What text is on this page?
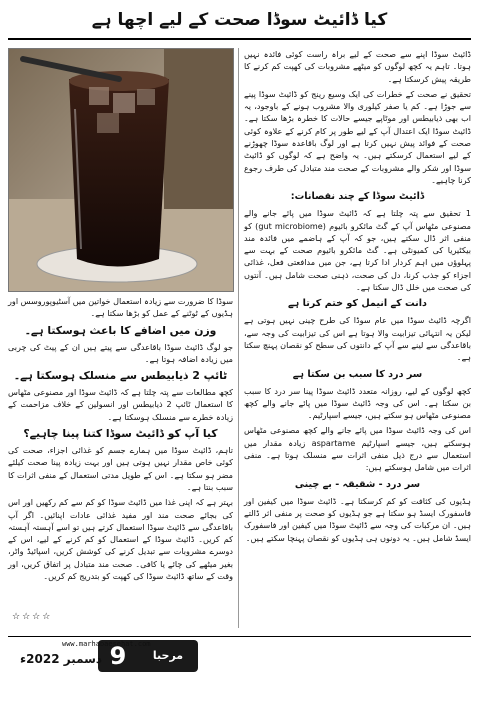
کیا ڈائیٹ سوڈا صحت کے لیے اچھا ہے

ڈائیٹ سوڈا اپنے سے صحت کے لیے براہ راست کوئی فائدہ نہیں ہوتا۔ تاہم یہ کچھ لوگوں کو میٹھے مشروبات کی کھپت کم کرنے کا طریقہ پیش کرسکتا ہے۔

تحقیق نے صحت کے خطرات کی ایک وسیع رینج کو ڈائیٹ سوڈا پینے سے جوڑا ہے۔ کم یا صفر کیلوری والا مشروب ہونے کے باوجود، یہ اب بھی ذیابیطس اور موٹاپے جیسے حالات کا خطرہ بڑھا سکتا ہے۔ ڈائیٹ سوڈا ایک اعتدال آپ کے لیے طور پر کام کرنے کے علاوہ کوئی صحت کے فوائد پیش نہیں کرتا ہے اور لوگ باقاعدہ سوڈا چھوڑنے کے لیے استعمال کرسکتے ہیں۔ یہ واضح ہے کہ لوگوں کو ڈائیٹ سوڈا اور شکر والے مشروبات کے صحت مند متبادل کی طرف رجوع کرنا چاہیے۔

ڈائیٹ سوڈا کے چند نقصانات:

1 تحقیق سے پتہ چلتا ہے کہ ڈائیٹ سوڈا میں پائے جانے والے مصنوعی مٹھاس آپ کے گٹ مائکرو بائیوم (gut microbiome) کو منفی اثر ڈال سکتے ہیں، جو کہ آپ کے ہاضمے میں فائدہ مند بیکٹیریا کی کمیونٹی ہے۔ گٹ مائکرو بائیوم صحت کے بہت سے پہلوؤں میں اہم کردار ادا کرتا ہے، جن میں مدافعتی فعل، غذائی اجزاء کو جذب کرنا، دل کی صحت، ذہنی صحت شامل ہیں۔ آنتوں کی صحت میں خلل ڈال سکتا ہے۔

دانت کے انیمل کو ختم کرتا ہے

اگرچہ ڈائیٹ سوڈا میں عام سوڈا کی طرح چینی نہیں ہوتی ہے لیکن یہ انتہائی تیزابیت والا ہوتا ہے اس کی تیزابیت کی وجہ سے، باقاعدگی سے لینے سے آپ کے دانتوں کی سطح کو نقصان پہنچ سکتا ہے۔

سر درد کا سبب بن سکتا ہے

کچھ لوگوں کے لیے، روزانہ متعدد ڈائیٹ سوڈا پینا سر درد کا سبب بن سکتا ہے۔ اس کی وجہ ڈائیٹ سوڈا میں پائے جانے والے کچھ مصنوعی مٹھاس ہو سکتے ہیں، جیسے اسپارٹیم۔

اس کی وجہ ڈائیٹ سوڈا میں پائے جانے والے کچھ مصنوعی مٹھاس ہوسکتے ہیں، جیسے اسپارٹیم aspartame زیادہ مقدار میں استعمال سے درج ذیل منفی اثرات سے منسلک ہوتا ہے۔ منفی اثرات میں شامل ہوسکتے ہیں:

سر درد - شقیقہ - بے چینی

ہڈیوں کی کثافت کو کم کرسکتا ہے۔ ڈائیٹ سوڈا میں کیفین اور فاسفورک ایسڈ ہو سکتا ہے جو ہڈیوں کو صحت پر منفی اثر ڈالتے ہیں۔ ان مرکبات کی وجہ سے ڈائیٹ سوڈا میں کیفین اور فاسفورک ایسڈ شامل ہیں۔ یہ دونوں ہی ہڈیوں کو نقصان پہنچا سکتے ہیں۔

سوڈا کا ضرورت سے زیادہ استعمال خواتین میں آسٹیوپوروسس اور ہڈیوں کے ٹوٹنے کے عمل کو بڑھا سکتا ہے۔

وزن میں اضافے کا باعث ہوسکتا ہے۔

جو لوگ ڈائیٹ سوڈا باقاعدگی سے پیتے ہیں ان کے پیٹ کی چربی میں زیادہ اضافہ ہوتا ہے۔

ٹائپ 2 ذیابیطس سے منسلک ہوسکتا ہے۔

کچھ مطالعات سے پتہ چلتا ہے کہ ڈائیٹ سوڈا اور مصنوعی مٹھاس کا استعمال ٹائپ 2 ذیابیطس اور انسولین کے خلاف مزاحمت کے زیادہ خطرے سے منسلک ہوسکتا ہے۔

کیا آپ کو ڈائیٹ سوڈا کتنا پینا چاہیے؟

تاہم، ڈائیٹ سوڈا میں ہمارے جسم کو غذائی اجزاء، صحت کی کوئی خاص مقدار نہیں ہوتی ہیں اور بہت زیادہ پینا صحت کیلئے مضر ہو سکتا ہے۔ اس کے طویل مدتی استعمال کے منفی اثرات کا سبب بنتا ہے۔

بہتر ہے کہ اپنی غذا میں ڈائیٹ سوڈا کو کم سے کم رکھیں اور اس کی بجائے صحت مند اور مفید غذائی عادات اپنائیں۔ اگر آپ باقاعدگی سے ڈائیٹ سوڈا استعمال کرتے ہیں تو اسے آہستہ آہستہ کم کریں۔ ڈائیٹ سوڈا کے استعمال کو کم کرنے کے لیے، اس کے دوسرے مشروبات سے تبدیل کرنے کی کوشش کریں، اسپائیڈ واٹر، بغیر میٹھے کی چائے یا کافی۔ صحت مند متبادل پر اتفاق کریں، اور وقت کے ساتھ ڈائیٹ سوڈا کی کھپت کو بتدریج کم کریں۔

☆☆☆☆
9	مرحبا صحت
www.marhabaesehat.com
دسمبر 2022ء
